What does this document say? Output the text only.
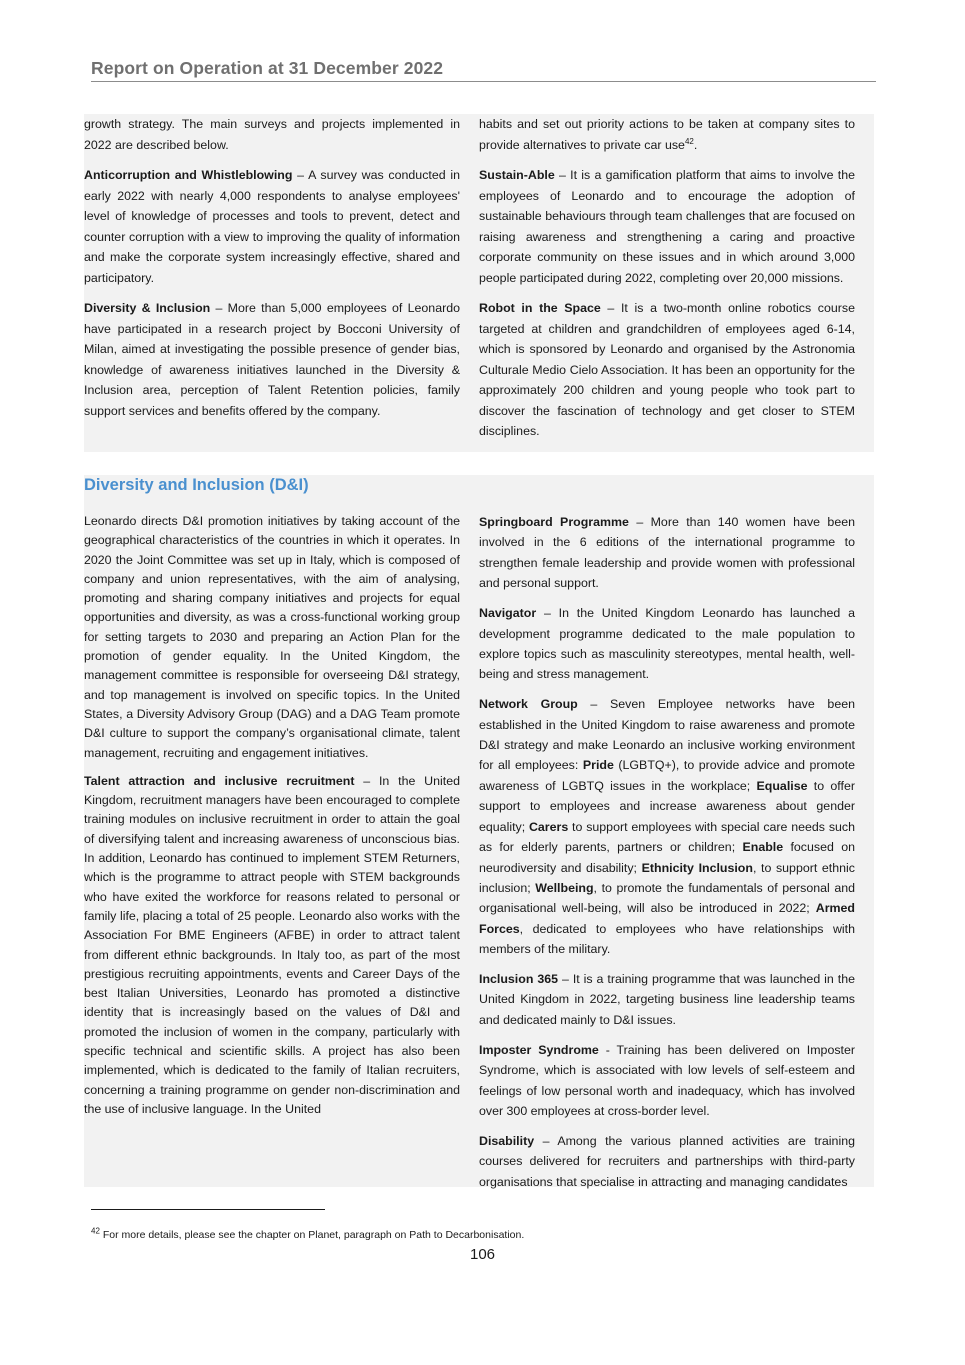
Report on Operation at 31 December 2022

growth strategy. The main surveys and projects implemented in 2022 are described below.

Anticorruption and Whistleblowing – A survey was conducted in early 2022 with nearly 4,000 respondents to analyse employees' level of knowledge of processes and tools to prevent, detect and counter corruption with a view to improving the quality of information and make the corporate system increasingly effective, shared and participatory.

Diversity & Inclusion – More than 5,000 employees of Leonardo have participated in a research project by Bocconi University of Milan, aimed at investigating the possible presence of gender bias, knowledge of awareness initiatives launched in the Diversity & Inclusion area, perception of Talent Retention policies, family support services and benefits offered by the company.

habits and set out priority actions to be taken at company sites to provide alternatives to private car use$^{42}$.

Sustain-Able – It is a gamification platform that aims to involve the employees of Leonardo and to encourage the adoption of sustainable behaviours through team challenges that are focused on raising awareness and strengthening a caring and proactive corporate community on these issues and in which around 3,000 people participated during 2022, completing over 20,000 missions.

Robot in the Space – It is a two-month online robotics course targeted at children and grandchildren of employees aged 6-14, which is sponsored by Leonardo and organised by the Astronomia Culturale Medio Cielo Association. It has been an opportunity for the approximately 200 children and young people who took part to discover the fascination of technology and get closer to STEM disciplines.

Diversity and Inclusion (D&I)

Leonardo directs D&I promotion initiatives by taking account of the geographical characteristics of the countries in which it operates. In 2020 the Joint Committee was set up in Italy, which is composed of company and union representatives, with the aim of analysing, promoting and sharing company initiatives and projects for equal opportunities and diversity, as was a cross-functional working group for setting targets to 2030 and preparing an Action Plan for the promotion of gender equality. In the United Kingdom, the management committee is responsible for overseeing D&I strategy, and top management is involved on specific topics. In the United States, a Diversity Advisory Group (DAG) and a DAG Team promote D&I culture to support the company’s organisational climate, talent management, recruiting and engagement initiatives.

Talent attraction and inclusive recruitment – In the United Kingdom, recruitment managers have been encouraged to complete training modules on inclusive recruitment in order to attain the goal of diversifying talent and increasing awareness of unconscious bias. In addition, Leonardo has continued to implement STEM Returners, which is the programme to attract people with STEM backgrounds who have exited the workforce for reasons related to personal or family life, placing a total of 25 people. Leonardo also works with the Association For BME Engineers (AFBE) in order to attract talent from different ethnic backgrounds. In Italy too, as part of the most prestigious recruiting appointments, events and Career Days of the best Italian Universities, Leonardo has promoted a distinctive identity that is increasingly based on the values of D&I and promoted the inclusion of women in the company, particularly with specific technical and scientific skills. A project has also been implemented, which is dedicated to the family of Italian recruiters, concerning a training programme on gender non-discrimination and the use of inclusive language. In the United

Springboard Programme – More than 140 women have been involved in the 6 editions of the international programme to strengthen female leadership and provide women with professional and personal support.

Navigator – In the United Kingdom Leonardo has launched a development programme dedicated to the male population to explore topics such as masculinity stereotypes, mental health, well-being and stress management.

Network Group – Seven Employee networks have been established in the United Kingdom to raise awareness and promote D&I strategy and make Leonardo an inclusive working environment for all employees: Pride (LGBTQ+), to provide advice and promote awareness of LGBTQ issues in the workplace; Equalise to offer support to employees and increase awareness about gender equality; Carers to support employees with special care needs such as for elderly parents, partners or children; Enable focused on neurodiversity and disability; Ethnicity Inclusion, to support ethnic inclusion; Wellbeing, to promote the fundamentals of personal and organisational well-being, will also be introduced in 2022; Armed Forces, dedicated to employees who have relationships with members of the military.

Inclusion 365 – It is a training programme that was launched in the United Kingdom in 2022, targeting business line leadership teams and dedicated mainly to D&I issues.

Imposter Syndrome - Training has been delivered on Imposter Syndrome, which is associated with low levels of self-esteem and feelings of low personal worth and inadequacy, which has involved over 300 employees at cross-border level.

Disability – Among the various planned activities are training courses delivered for recruiters and partnerships with third-party organisations that specialise in attracting and managing candidates

$^{42}$ For more details, please see the chapter on Planet, paragraph on Path to Decarbonisation.
106
